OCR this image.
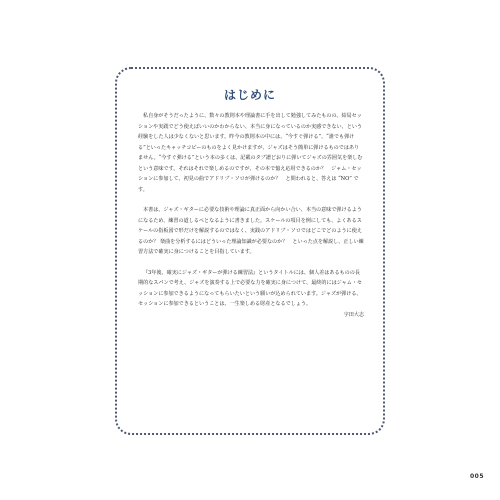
はじめに

私自身がそうだったように、数々の教則本や理論書に手を出して勉強してみたものの、結局セッションや実践でどう使えばいいのかわからない、本当に身になっているのか実感できない、という経験をした人は少なくないと思います。昨今の教則本の中には、“今すぐ弾ける”、“誰でも弾ける”といったキャッチコピーのものをよく見かけますが、ジャズはそう簡単に弾けるものではありません。“今すぐ弾ける”という本の多くは、記載のタブ譜どおりに弾いてジャズの雰囲気を楽しむという意味です。それはそれで楽しめるのですが、その本で憶え応用できるのか？　ジャム・セッションに参加して、初見の曲でアドリブ・ソロが弾けるのか？　と問われると、答えは “NO” です。

本書は、ジャズ・ギターに必要な技術や理論に真正面から向かい合い、本当の意味で弾けるようになるため、練習の道しるべとなるように書きました。スケールの項目を例にしても、よくあるスケールの指板図で形だけを解説するのではなく、実践のアドリブ・ソロではどこでどのように使えるのか？ 楽曲を分析するにはどういった理論知識が必要なのか？　といった点を解説し、正しい練習方法で確実に身につけることを目指しています。

『3年後、確実にジャズ・ギターが弾ける練習法』というタイトルには、個人差はあるものの長期的なスパンで考え、ジャズを演奏する上で必要な力を確実に身につけて、最終的にはジャム・セッションに参加できるようになってもらいたいという願いが込められています。ジャズが弾ける、セッションに参加できるということは、一生楽しめる財産となるでしょう。

宇田大志

005
